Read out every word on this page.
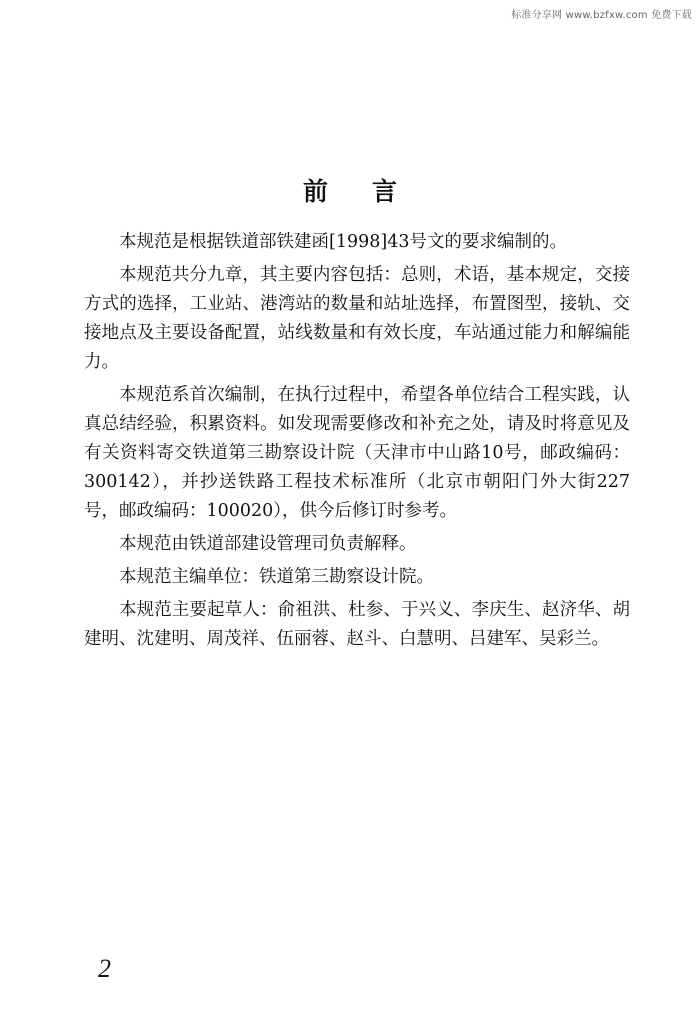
标准分享网 www.bzfxw.com 免费下载
前言

本规范是根据铁道部铁建函[1998]43号文的要求编制的。

本规范共分九章，其主要内容包括：总则，术语，基本规定，交接方式的选择，工业站、港湾站的数量和站址选择，布置图型，接轨、交接地点及主要设备配置，站线数量和有效长度，车站通过能力和解编能力。

本规范系首次编制，在执行过程中，希望各单位结合工程实践，认真总结经验，积累资料。如发现需要修改和补充之处，请及时将意见及有关资料寄交铁道第三勘察设计院（天津市中山路10号，邮政编码：300142），并抄送铁路工程技术标准所（北京市朝阳门外大街227号，邮政编码：100020），供今后修订时参考。

本规范由铁道部建设管理司负责解释。

本规范主编单位：铁道第三勘察设计院。

本规范主要起草人：俞祖洪、杜参、于兴义、李庆生、赵济华、胡建明、沈建明、周茂祥、伍丽蓉、赵斗、白慧明、吕建军、吴彩兰。

2
